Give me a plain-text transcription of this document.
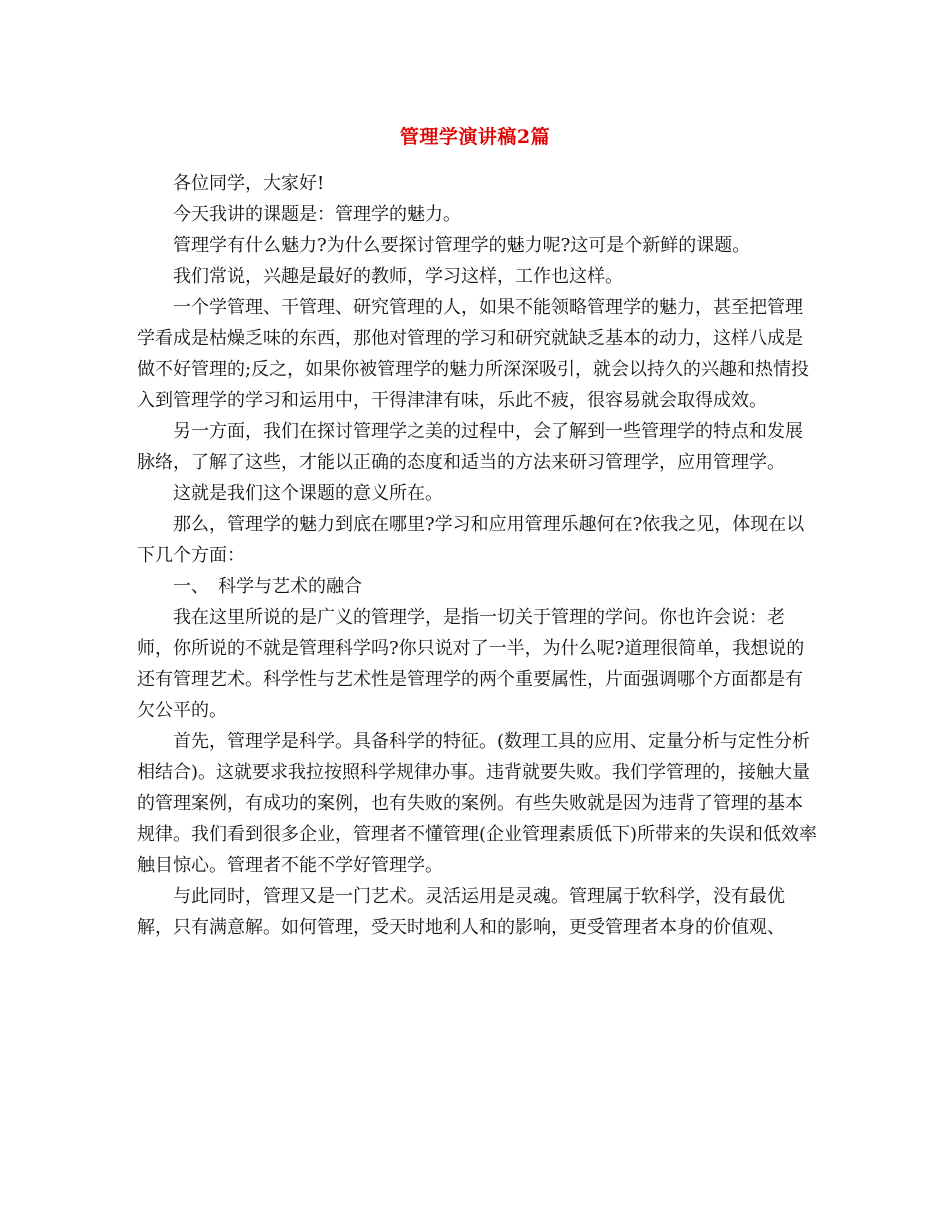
管理学演讲稿2篇

各位同学，大家好!

今天我讲的课题是：管理学的魅力。

管理学有什么魅力?为什么要探讨管理学的魅力呢?这可是个新鲜的课题。

我们常说，兴趣是最好的教师，学习这样，工作也这样。

一个学管理、干管理、研究管理的人，如果不能领略管理学的魅力，甚至把管理学看成是枯燥乏味的东西，那他对管理的学习和研究就缺乏基本的动力，这样八成是做不好管理的;反之，如果你被管理学的魅力所深深吸引，就会以持久的兴趣和热情投入到管理学的学习和运用中，干得津津有味，乐此不疲，很容易就会取得成效。

另一方面，我们在探讨管理学之美的过程中，会了解到一些管理学的特点和发展脉络，了解了这些，才能以正确的态度和适当的方法来研习管理学，应用管理学。

这就是我们这个课题的意义所在。

那么，管理学的魅力到底在哪里?学习和应用管理乐趣何在?依我之见，体现在以下几个方面：

一、　科学与艺术的融合

我在这里所说的是广义的管理学，是指一切关于管理的学问。你也许会说：老师，你所说的不就是管理科学吗?你只说对了一半，为什么呢?道理很简单，我想说的还有管理艺术。科学性与艺术性是管理学的两个重要属性，片面强调哪个方面都是有欠公平的。

首先，管理学是科学。具备科学的特征。(数理工具的应用、定量分析与定性分析相结合)。这就要求我拉按照科学规律办事。违背就要失败。我们学管理的，接触大量的管理案例，有成功的案例，也有失败的案例。有些失败就是因为违背了管理的基本规律。我们看到很多企业，管理者不懂管理(企业管理素质低下)所带来的失误和低效率触目惊心。管理者不能不学好管理学。

与此同时，管理又是一门艺术。灵活运用是灵魂。管理属于软科学，没有最优解，只有满意解。如何管理，受天时地利人和的影响，更受管理者本身的价值观、
